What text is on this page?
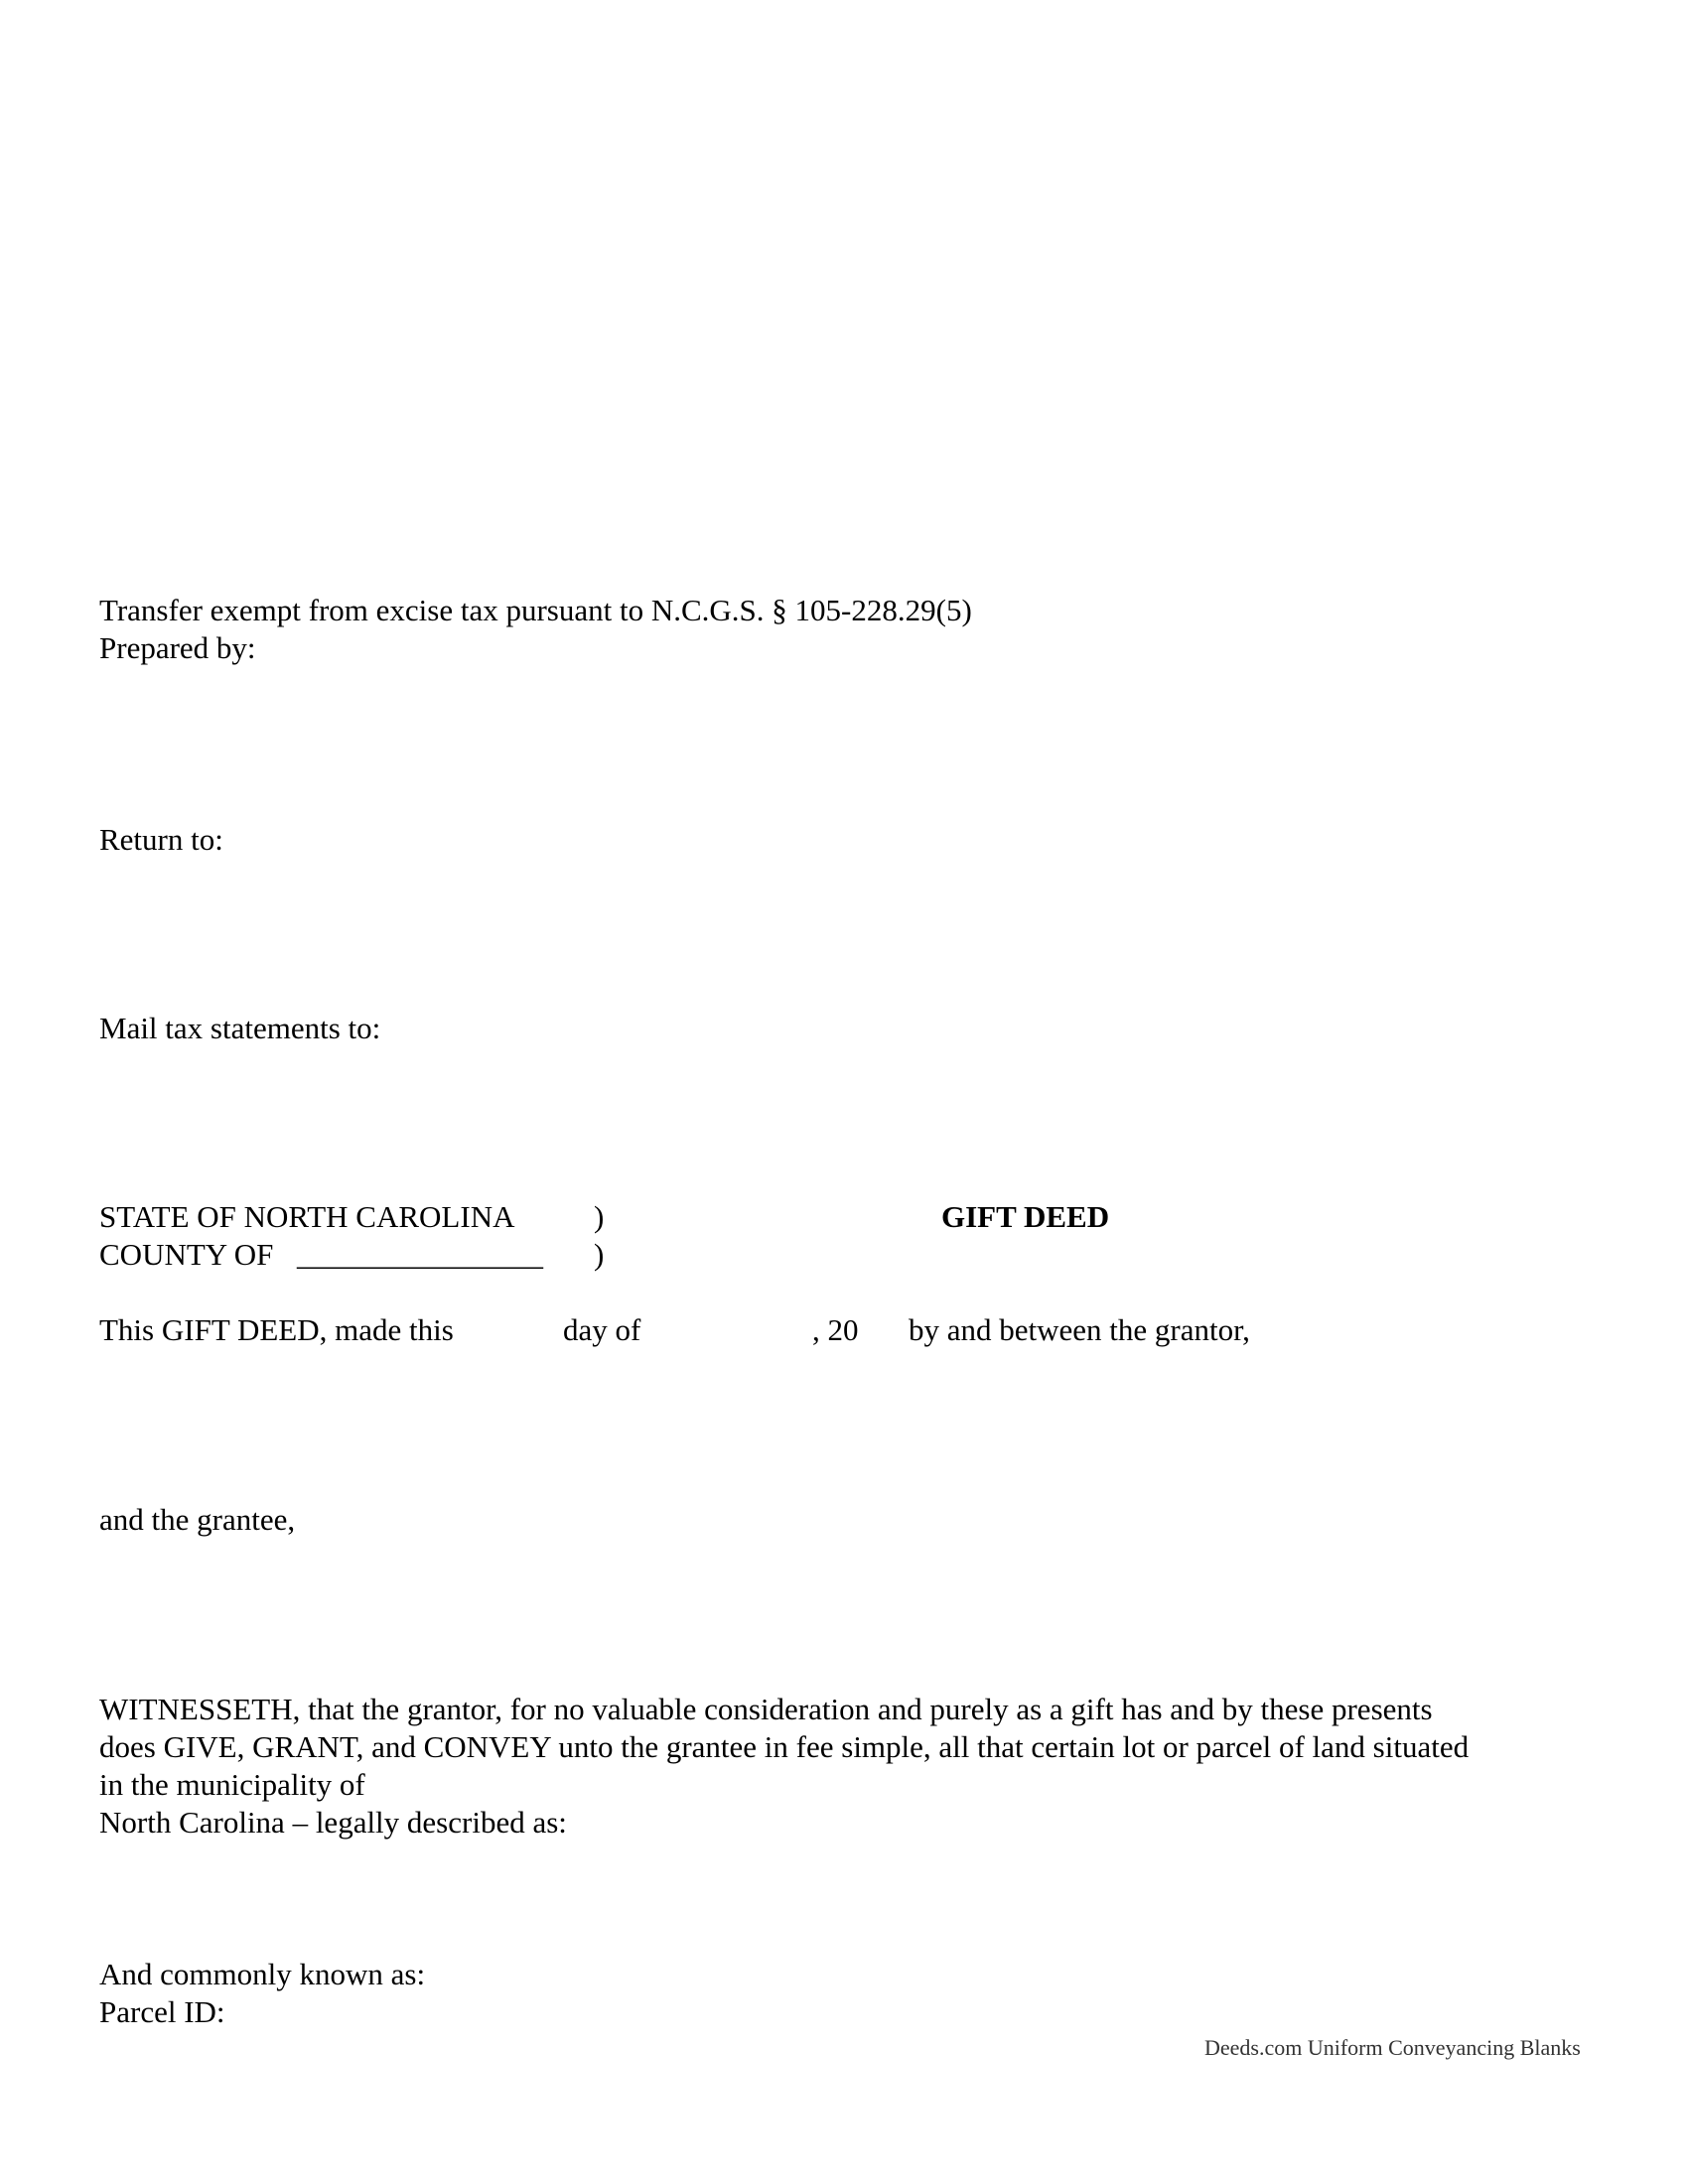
Transfer exempt from excise tax pursuant to N.C.G.S. § 105-228.29(5)
Prepared by:
Return to:
Mail tax statements to:
STATE OF NORTH CAROLINA	)	GIFT DEED
COUNTY OF ________________ )
This GIFT DEED, made this	day of	, 20 by and between the grantor,
and the grantee,
WITNESSETH, that the grantor, for no valuable consideration and purely as a gift has and by these presents
does GIVE, GRANT, and CONVEY unto the grantee in fee simple, all that certain lot or parcel of land situated
in the municipality of
North Carolina – legally described as:
And commonly known as:
Parcel ID:
Deeds.com Uniform Conveyancing Blanks
